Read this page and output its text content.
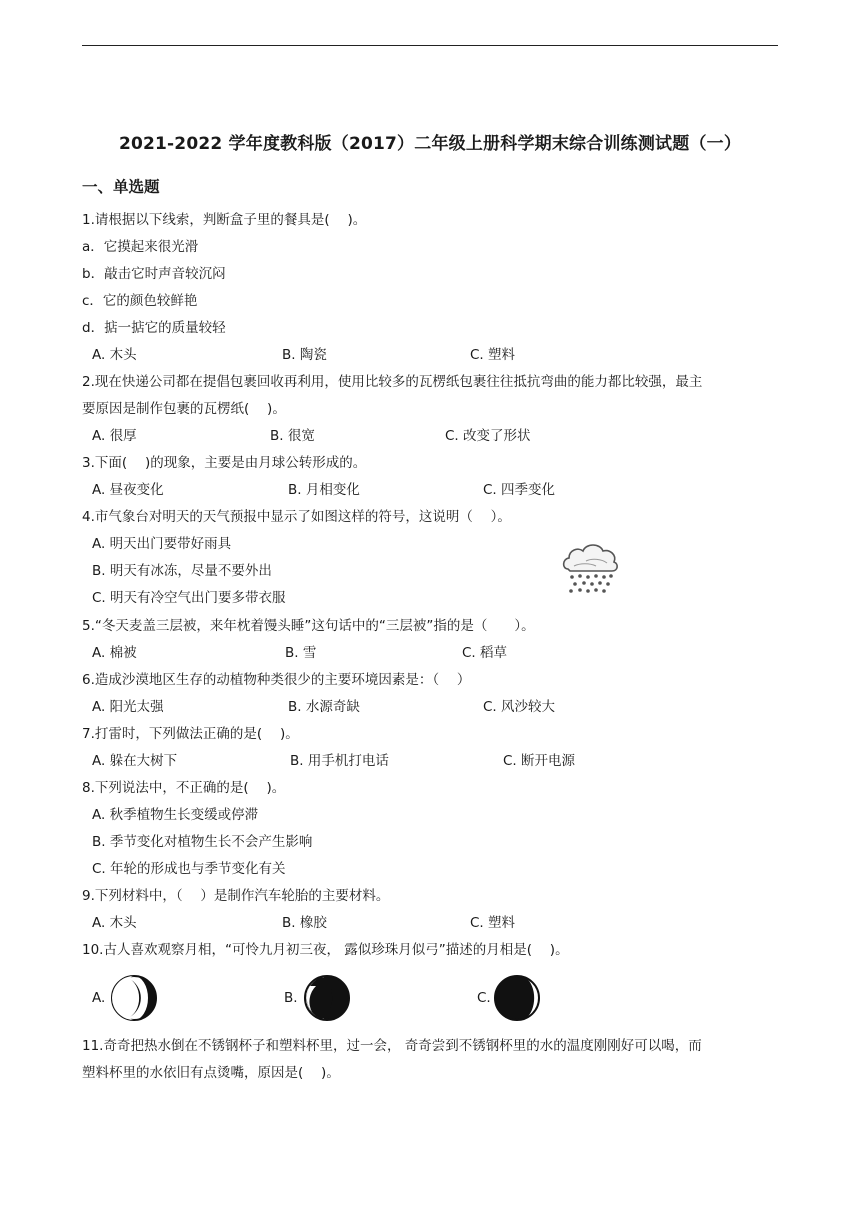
2021-2022 学年度教科版（2017）二年级上册科学期末综合训练测试题（一）
一、单选题
1.请根据以下线索，判断盒子里的餐具是(　 )。
a．它摸起来很光滑
b．敲击它时声音较沉闷
c．它的颜色较鲜艳
d．掂一掂它的质量较轻
A. 木头	B. 陶瓷	C. 塑料
2.现在快递公司都在提倡包裹回收再利用，使用比较多的瓦楞纸包裹往往抵抗弯曲的能力都比较强，最主
要原因是制作包裹的瓦楞纸(　 )。
A. 很厚	B. 很宽	C. 改变了形状
3.下面(　 )的现象，主要是由月球公转形成的。
A. 昼夜变化	B. 月相变化	C. 四季变化
4.市气象台对明天的天气预报中显示了如图这样的符号，这说明（　 ）。
A. 明天出门要带好雨具
B. 明天有冰冻，尽量不要外出
C. 明天有冷空气出门要多带衣服
5.“冬天麦盖三层被，来年枕着馒头睡”这句话中的“三层被”指的是（　　）。
A. 棉被	B. 雪	C. 稻草
6.造成沙漠地区生存的动植物种类很少的主要环境因素是：（　 ）
A. 阳光太强	B. 水源奇缺	C. 风沙较大
7.打雷时，下列做法正确的是(　 )。
A. 躲在大树下	B. 用手机打电话	C. 断开电源
8.下列说法中，不正确的是(　 )。
A. 秋季植物生长变缓或停滞
B. 季节变化对植物生长不会产生影响
C. 年轮的形成也与季节变化有关
9.下列材料中，（　 ）是制作汽车轮胎的主要材料。
A. 木头	B. 橡胶	C. 塑料
10.古人喜欢观察月相，“可怜九月初三夜， 露似珍珠月似弓”描述的月相是(　 )。
A.	B.	C.
11.奇奇把热水倒在不锈钢杯子和塑料杯里，过一会， 奇奇尝到不锈钢杯里的水的温度刚刚好可以喝，而
塑料杯里的水依旧有点烫嘴，原因是(　 )。
